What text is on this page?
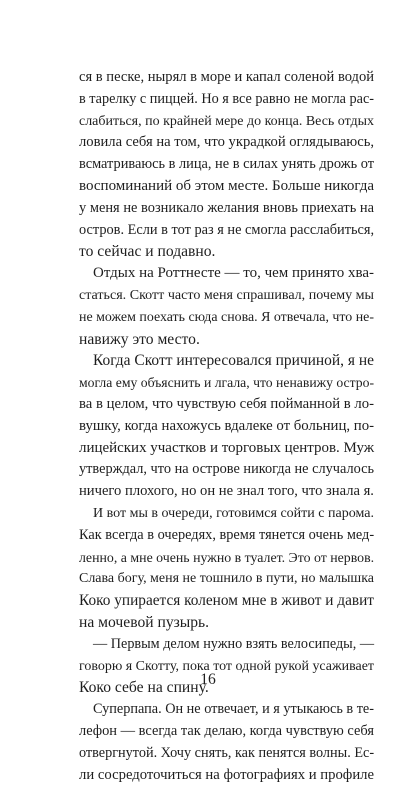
ся в песке, нырял в море и капал соленой водой
в тарелку с пиццей. Но я все равно не могла рас-
слабиться, по крайней мере до конца. Весь отдых
ловила себя на том, что украдкой оглядываюсь,
всматриваюсь в лица, не в силах унять дрожь от
воспоминаний об этом месте. Больше никогда
у меня не возникало желания вновь приехать на
остров. Если в тот раз я не смогла расслабиться,
то сейчас и подавно.
Отдых на Роттнесте — то, чем принято хва-
статься. Скотт часто меня спрашивал, почему мы
не можем поехать сюда снова. Я отвечала, что не-
навижу это место.
Когда Скотт интересовался причиной, я не
могла ему объяснить и лгала, что ненавижу остро-
ва в целом, что чувствую себя пойманной в ло-
вушку, когда нахожусь вдалеке от больниц, по-
лицейских участков и торговых центров. Муж
утверждал, что на острове никогда не случалось
ничего плохого, но он не знал того, что знала я.
И вот мы в очереди, готовимся сойти с парома.
Как всегда в очередях, время тянется очень мед-
ленно, а мне очень нужно в туалет. Это от нервов.
Слава богу, меня не тошнило в пути, но малышка
Коко упирается коленом мне в живот и давит
на мочевой пузырь.
— Первым делом нужно взять велосипеды, —
говорю я Скотту, пока тот одной рукой усаживает
Коко себе на спину.
Суперпапа. Он не отвечает, и я утыкаюсь в те-
лефон — всегда так делаю, когда чувствую себя
отвергнутой. Хочу снять, как пенятся волны. Ес-
ли сосредоточиться на фотографиях и профиле
16
